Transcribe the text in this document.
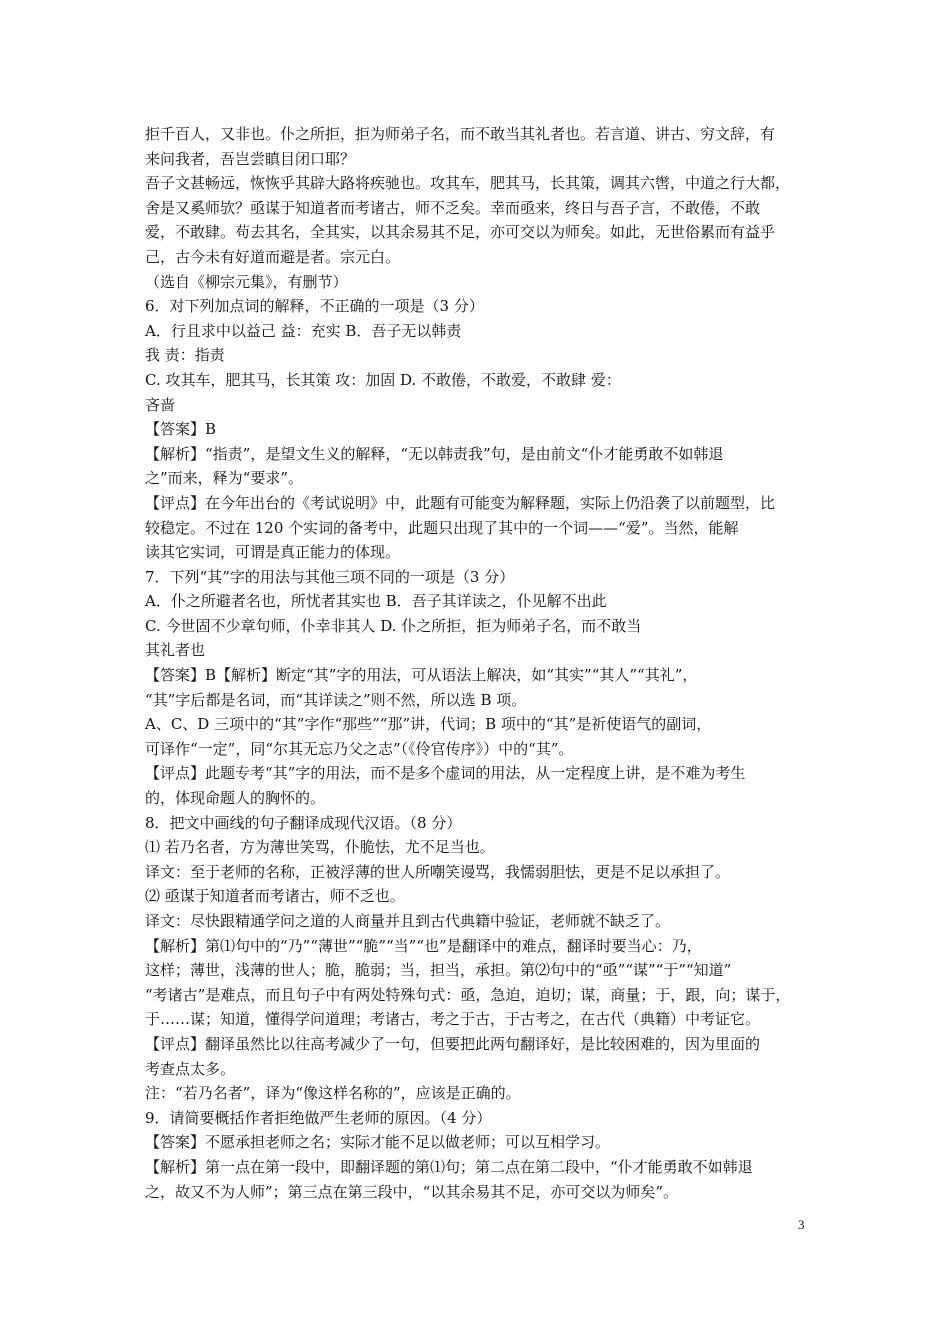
拒千百人，又非也。仆之所拒，拒为师弟子名，而不敢当其礼者也。若言道、讲古、穷文辞，有
来问我者，吾岂尝瞋目闭口耶？
吾子文甚畅远，恢恢乎其辟大路将疾驰也。攻其车，肥其马，长其策，调其六辔，中道之行大都，
舍是又奚师欤？亟谋于知道者而考诸古，师不乏矣。幸而亟来，终日与吾子言，不敢倦，不敢
爱，不敢肆。苟去其名，全其实，以其余易其不足，亦可交以为师矣。如此，无世俗累而有益乎
己，古今未有好道而避是者。宗元白。
（选自《柳宗元集》，有删节）
6．对下列加点词的解释，不正确的一项是（3 分）
A．行且求中以益己 益：充实 B．吾子无以韩责
我 责：指责
C. 攻其车，肥其马，长其策 攻：加固 D. 不敢倦，不敢爱，不敢肆 爱：
吝啬
【答案】B
【解析】“指责”，是望文生义的解释，“无以韩责我”句，是由前文“仆才能勇敢不如韩退
之”而来，释为“要求”。
【评点】在今年出台的《考试说明》中，此题有可能变为解释题，实际上仍沿袭了以前题型，比
较稳定。不过在 120 个实词的备考中，此题只出现了其中的一个词——“爱”。当然，能解
读其它实词，可谓是真正能力的体现。
7．下列“其”字的用法与其他三项不同的一项是（3 分）
A．仆之所避者名也，所忧者其实也 B．吾子其详读之，仆见解不出此
C. 今世固不少章句师，仆幸非其人 D. 仆之所拒，拒为师弟子名，而不敢当
其礼者也
【答案】B【解析】断定“其”字的用法，可从语法上解决，如“其实”“其人”“其礼”，
“其”字后都是名词，而“其详读之”则不然，所以选 B 项。
A、C、D 三项中的“其”字作“那些”“那”讲，代词；B 项中的“其”是祈使语气的副词，
可译作“一定”，同“尔其无忘乃父之志”（《伶官传序》）中的“其”。
【评点】此题专考“其”字的用法，而不是多个虚词的用法，从一定程度上讲，是不难为考生
的，体现命题人的胸怀的。
8．把文中画线的句子翻译成现代汉语。（8 分）
⑴ 若乃名者，方为薄世笑骂，仆脆怯，尤不足当也。
译文：至于老师的名称，正被浮薄的世人所嘲笑谩骂，我懦弱胆怯，更是不足以承担了。
⑵ 亟谋于知道者而考诸古，师不乏也。
译文：尽快跟精通学问之道的人商量并且到古代典籍中验证，老师就不缺乏了。
【解析】第⑴句中的“乃”“薄世”“脆”“当”“也”是翻译中的难点，翻译时要当心：乃，
这样；薄世，浅薄的世人；脆，脆弱；当，担当，承担。第⑵句中的“亟”“谋”“于”“知道”
“考诸古”是难点，而且句子中有两处特殊句式：亟，急迫，迫切；谋，商量；于，跟，向；谋于，
于……谋；知道，懂得学问道理；考诸古，考之于古，于古考之，在古代（典籍）中考证它。
【评点】翻译虽然比以往高考减少了一句，但要把此两句翻译好，是比较困难的，因为里面的
考查点太多。
注：“若乃名者”，译为“像这样名称的”，应该是正确的。
9．请简要概括作者拒绝做严生老师的原因。（4 分）
【答案】不愿承担老师之名；实际才能不足以做老师；可以互相学习。
【解析】第一点在第一段中，即翻译题的第⑴句；第二点在第二段中，“仆才能勇敢不如韩退
之，故又不为人师”；第三点在第三段中，“以其余易其不足，亦可交以为师矣”。
3
